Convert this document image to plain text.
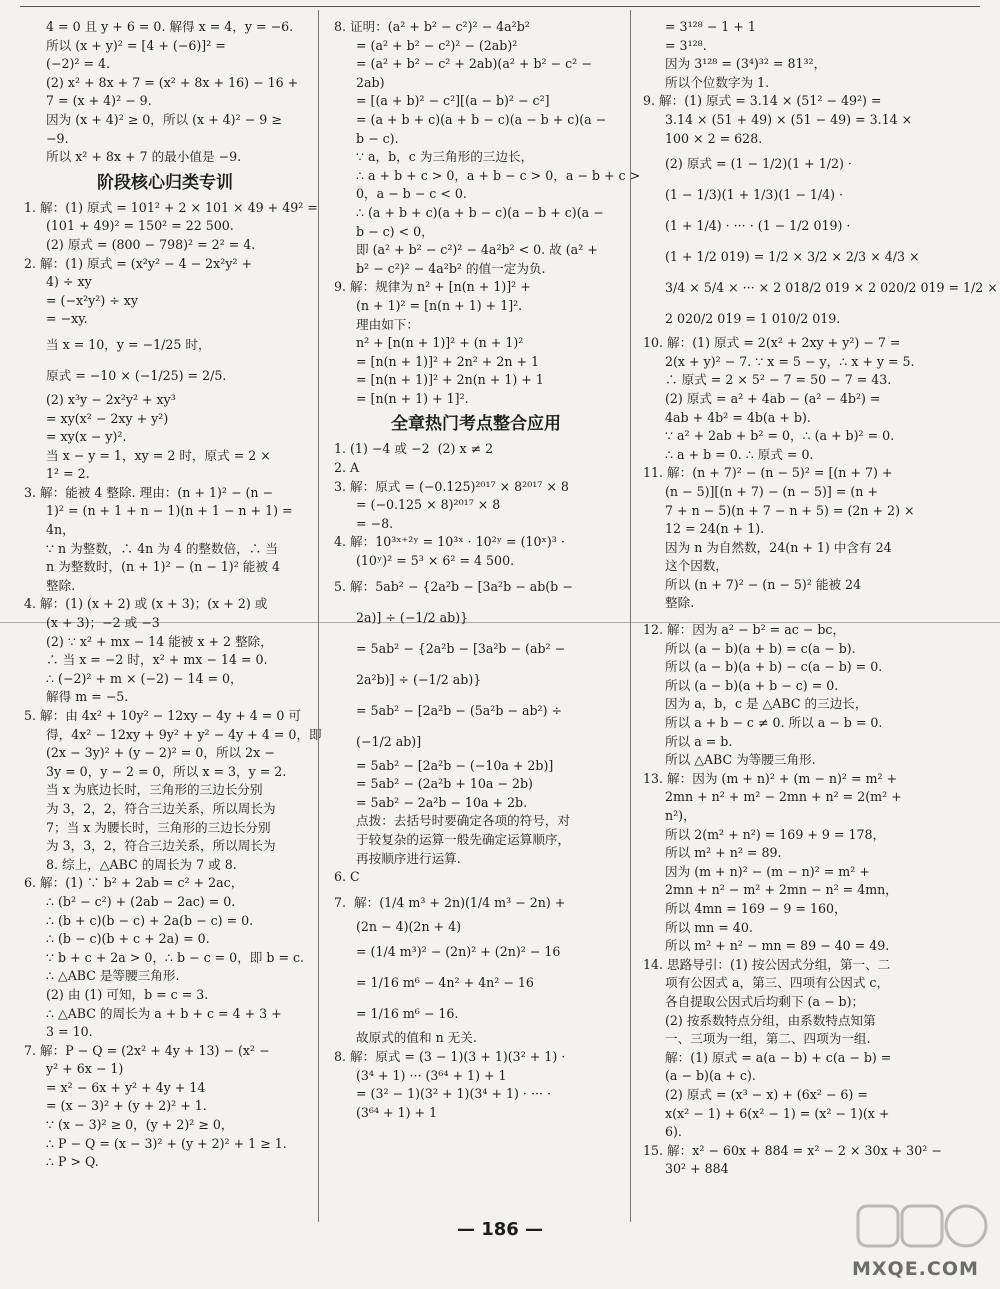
4 = 0 且 y + 6 = 0. 解得 x = 4，y = −6.
所以 (x + y)² = [4 + (−6)]² =
(−2)² = 4.
(2) x² + 8x + 7 = (x² + 8x + 16) − 16 +
7 = (x + 4)² − 9.
因为 (x + 4)² ≥ 0，所以 (x + 4)² − 9 ≥
−9.
所以 x² + 8x + 7 的最小值是 −9.
阶段核心归类专训
1. 解：(1) 原式 = 101² + 2 × 101 × 49 + 49² =
(101 + 49)² = 150² = 22 500.
(2) 原式 = (800 − 798)² = 2² = 4.
2. 解：(1) 原式 = (x²y² − 4 − 2x²y² +
4) ÷ xy
= (−x²y²) ÷ xy
= −xy.
当 x = 10，y = −1/25 时，
原式 = −10 × (−1/25) = 2/5.
(2) x³y − 2x²y² + xy³
= xy(x² − 2xy + y²)
= xy(x − y)².
当 x − y = 1，xy = 2 时，原式 = 2 ×
1² = 2.
3. 解：能被 4 整除. 理由：(n + 1)² − (n −
1)² = (n + 1 + n − 1)(n + 1 − n + 1) =
4n，
∵ n 为整数，∴ 4n 为 4 的整数倍，∴ 当
n 为整数时，(n + 1)² − (n − 1)² 能被 4
整除.
4. 解：(1) (x + 2) 或 (x + 3)；(x + 2) 或
(x + 3)；−2 或 −3
(2) ∵ x² + mx − 14 能被 x + 2 整除，
∴ 当 x = −2 时，x² + mx − 14 = 0.
∴ (−2)² + m × (−2) − 14 = 0，
解得 m = −5.
5. 解：由 4x² + 10y² − 12xy − 4y + 4 = 0 可
得，4x² − 12xy + 9y² + y² − 4y + 4 = 0，即
(2x − 3y)² + (y − 2)² = 0，所以 2x −
3y = 0，y − 2 = 0，所以 x = 3，y = 2.
当 x 为底边长时，三角形的三边长分别
为 3，2，2，符合三边关系，所以周长为
7；当 x 为腰长时，三角形的三边长分别
为 3，3，2，符合三边关系，所以周长为
8. 综上，△ABC 的周长为 7 或 8.
6. 解：(1) ∵ b² + 2ab = c² + 2ac，
∴ (b² − c²) + (2ab − 2ac) = 0.
∴ (b + c)(b − c) + 2a(b − c) = 0.
∴ (b − c)(b + c + 2a) = 0.
∵ b + c + 2a > 0，∴ b − c = 0，即 b = c.
∴ △ABC 是等腰三角形.
(2) 由 (1) 可知，b = c = 3.
∴ △ABC 的周长为 a + b + c = 4 + 3 +
3 = 10.
7. 解：P − Q = (2x² + 4y + 13) − (x² −
y² + 6x − 1)
= x² − 6x + y² + 4y + 14
= (x − 3)² + (y + 2)² + 1.
∵ (x − 3)² ≥ 0，(y + 2)² ≥ 0，
∴ P − Q = (x − 3)² + (y + 2)² + 1 ≥ 1.
∴ P > Q.
8. 证明：(a² + b² − c²)² − 4a²b²
= (a² + b² − c²)² − (2ab)²
= (a² + b² − c² + 2ab)(a² + b² − c² −
2ab)
= [(a + b)² − c²][(a − b)² − c²]
= (a + b + c)(a + b − c)(a − b + c)(a −
b − c).
∵ a，b，c 为三角形的三边长，
∴ a + b + c > 0，a + b − c > 0，a − b + c >
0，a − b − c < 0.
∴ (a + b + c)(a + b − c)(a − b + c)(a −
b − c) < 0，
即 (a² + b² − c²)² − 4a²b² < 0. 故 (a² +
b² − c²)² − 4a²b² 的值一定为负.
9. 解：规律为 n² + [n(n + 1)]² +
(n + 1)² = [n(n + 1) + 1]².
理由如下：
n² + [n(n + 1)]² + (n + 1)²
= [n(n + 1)]² + 2n² + 2n + 1
= [n(n + 1)]² + 2n(n + 1) + 1
= [n(n + 1) + 1]².
全章热门考点整合应用
1. (1) −4 或 −2  (2) x ≠ 2
2. A
3. 解：原式 = (−0.125)²⁰¹⁷ × 8²⁰¹⁷ × 8
= (−0.125 × 8)²⁰¹⁷ × 8
= −8.
4. 解：10³ˣ⁺²ʸ = 10³ˣ · 10²ʸ = (10ˣ)³ ·
(10ʸ)² = 5³ × 6² = 4 500.
5. 解：5ab² − {2a²b − [3a²b − ab(b −
2a)] ÷ (−1/2 ab)}
= 5ab² − {2a²b − [3a²b − (ab² −
2a²b)] ÷ (−1/2 ab)}
= 5ab² − [2a²b − (5a²b − ab²) ÷
(−1/2 ab)]
= 5ab² − [2a²b − (−10a + 2b)]
= 5ab² − (2a²b + 10a − 2b)
= 5ab² − 2a²b − 10a + 2b.
点拨：去括号时要确定各项的符号，对
于较复杂的运算一般先确定运算顺序，
再按顺序进行运算.
6. C
7.  解：(1/4 m³ + 2n)(1/4 m³ − 2n) +
(2n − 4)(2n + 4)
= (1/4 m³)² − (2n)² + (2n)² − 16
= 1/16 m⁶ − 4n² + 4n² − 16
= 1/16 m⁶ − 16.
故原式的值和 n 无关.
8. 解：原式 = (3 − 1)(3 + 1)(3² + 1) ·
(3⁴ + 1) ··· (3⁶⁴ + 1) + 1
= (3² − 1)(3² + 1)(3⁴ + 1) · ··· ·
(3⁶⁴ + 1) + 1
= 3¹²⁸ − 1 + 1
= 3¹²⁸.
因为 3¹²⁸ = (3⁴)³² = 81³²，
所以个位数字为 1.
9. 解：(1) 原式 = 3.14 × (51² − 49²) =
3.14 × (51 + 49) × (51 − 49) = 3.14 ×
100 × 2 = 628.
(2) 原式 = (1 − 1/2)(1 + 1/2) ·
(1 − 1/3)(1 + 1/3)(1 − 1/4) ·
(1 + 1/4) · ··· · (1 − 1/2 019) ·
(1 + 1/2 019) = 1/2 × 3/2 × 2/3 × 4/3 ×
3/4 × 5/4 × ··· × 2 018/2 019 × 2 020/2 019 = 1/2 ×
2 020/2 019 = 1 010/2 019.
10. 解：(1) 原式 = 2(x² + 2xy + y²) − 7 =
2(x + y)² − 7. ∵ x = 5 − y，∴ x + y = 5.
∴ 原式 = 2 × 5² − 7 = 50 − 7 = 43.
(2) 原式 = a² + 4ab − (a² − 4b²) =
4ab + 4b² = 4b(a + b).
∵ a² + 2ab + b² = 0，∴ (a + b)² = 0.
∴ a + b = 0. ∴ 原式 = 0.
11. 解：(n + 7)² − (n − 5)² = [(n + 7) +
(n − 5)][(n + 7) − (n − 5)] = (n +
7 + n − 5)(n + 7 − n + 5) = (2n + 2) ×
12 = 24(n + 1).
因为 n 为自然数，24(n + 1) 中含有 24
这个因数，
所以 (n + 7)² − (n − 5)² 能被 24
整除.
12. 解：因为 a² − b² = ac − bc，
所以 (a − b)(a + b) = c(a − b).
所以 (a − b)(a + b) − c(a − b) = 0.
所以 (a − b)(a + b − c) = 0.
因为 a，b，c 是 △ABC 的三边长，
所以 a + b − c ≠ 0. 所以 a − b = 0.
所以 a = b.
所以 △ABC 为等腰三角形.
13. 解：因为 (m + n)² + (m − n)² = m² +
2mn + n² + m² − 2mn + n² = 2(m² +
n²)，
所以 2(m² + n²) = 169 + 9 = 178，
所以 m² + n² = 89.
因为 (m + n)² − (m − n)² = m² +
2mn + n² − m² + 2mn − n² = 4mn，
所以 4mn = 169 − 9 = 160，
所以 mn = 40.
所以 m² + n² − mn = 89 − 40 = 49.
14. 思路导引：(1) 按公因式分组，第一、二
项有公因式 a，第三、四项有公因式 c，
各自提取公因式后均剩下 (a − b)；
(2) 按系数特点分组，由系数特点知第
一、三项为一组，第二、四项为一组.
解：(1) 原式 = a(a − b) + c(a − b) =
(a − b)(a + c).
(2) 原式 = (x³ − x) + (6x² − 6) =
x(x² − 1) + 6(x² − 1) = (x² − 1)(x +
6).
15. 解：x² − 60x + 884 = x² − 2 × 30x + 30² −
30² + 884
— 186 —
MXQE.COM
